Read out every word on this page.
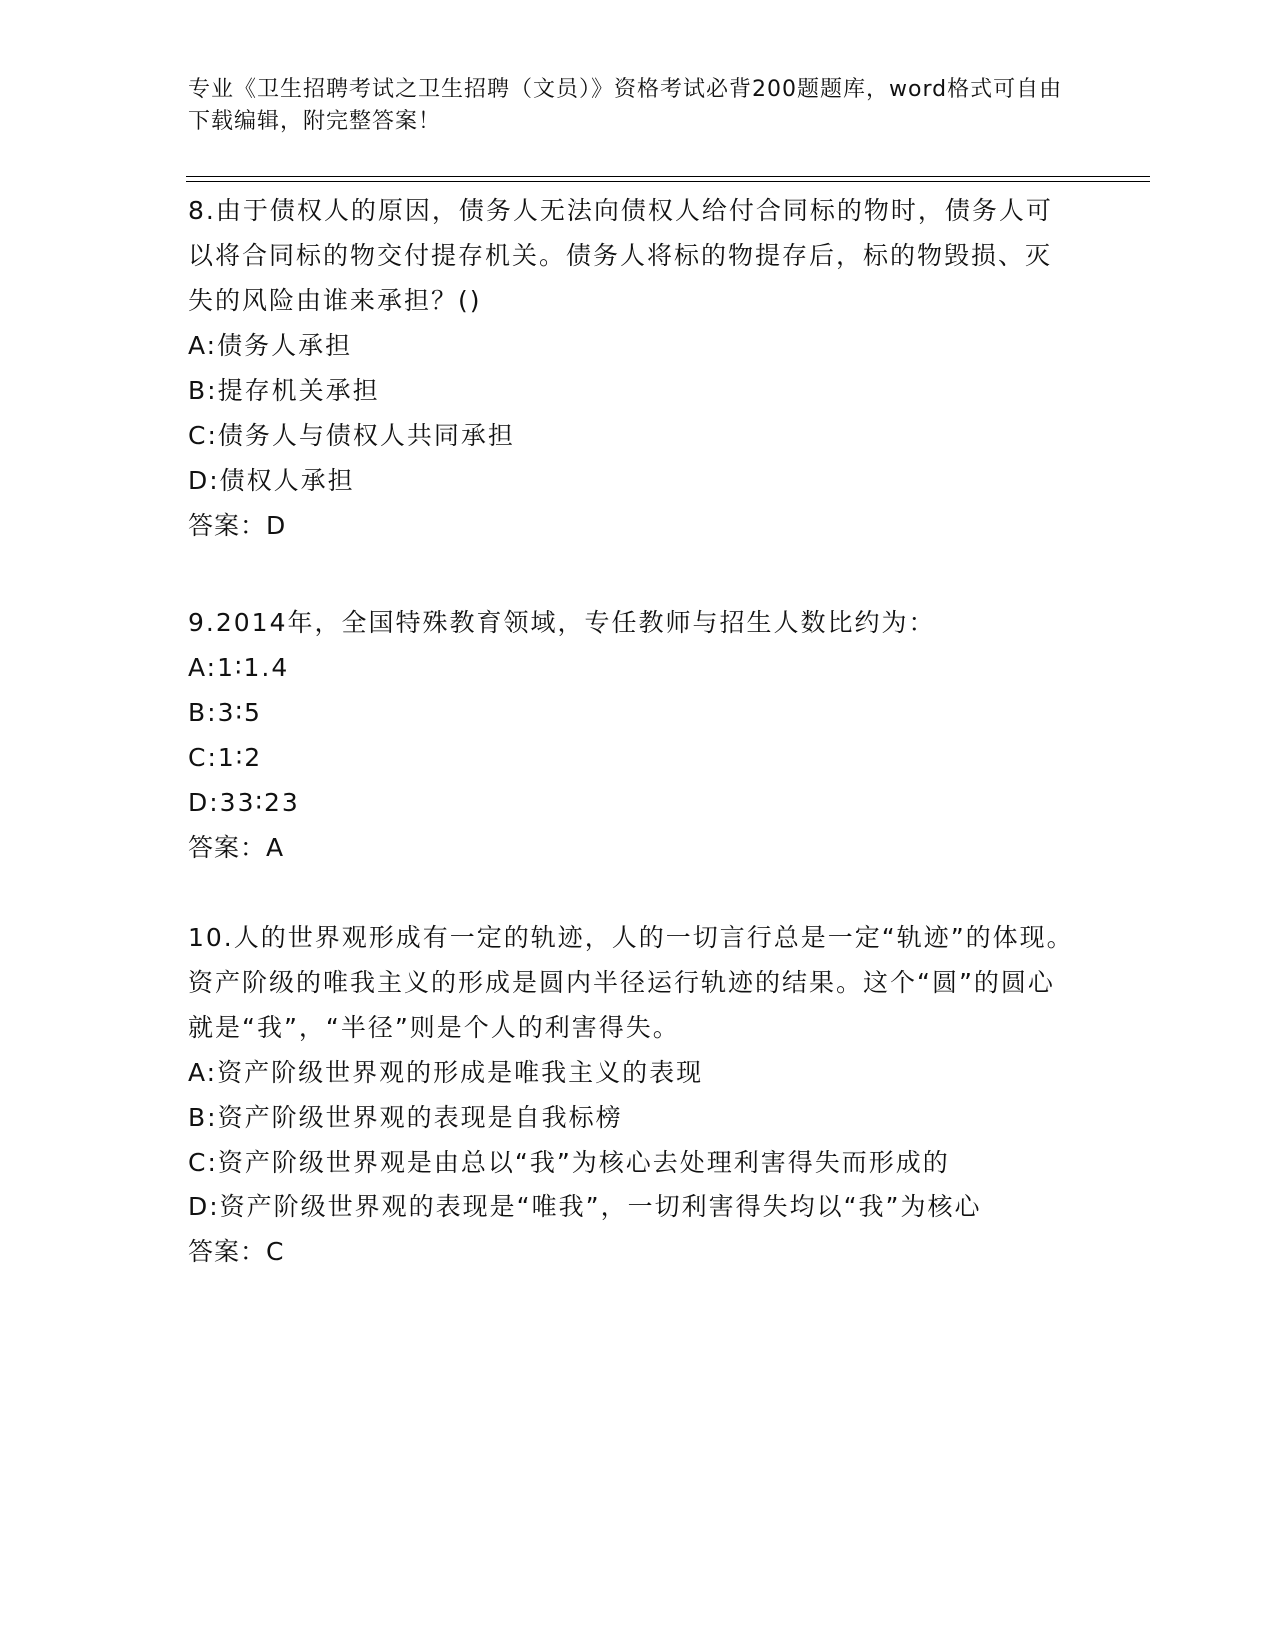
专业《卫生招聘考试之卫生招聘（文员）》资格考试必背200题题库，word格式可自由下载编辑，附完整答案！
8.由于债权人的原因，债务人无法向债权人给付合同标的物时，债务人可以将合同标的物交付提存机关。债务人将标的物提存后，标的物毁损、灭失的风险由谁来承担？()
A:债务人承担
B:提存机关承担
C:债务人与债权人共同承担
D:债权人承担
答案：D
9.2014年，全国特殊教育领域，专任教师与招生人数比约为：
A:1∶1.4
B:3∶5
C:1∶2
D:33∶23
答案：A
10.人的世界观形成有一定的轨迹，人的一切言行总是一定“轨迹”的体现。资产阶级的唯我主义的形成是圆内半径运行轨迹的结果。这个“圆”的圆心就是“我”，“半径”则是个人的利害得失。
A:资产阶级世界观的形成是唯我主义的表现
B:资产阶级世界观的表现是自我标榜
C:资产阶级世界观是由总以“我”为核心去处理利害得失而形成的
D:资产阶级世界观的表现是“唯我”，一切利害得失均以“我”为核心
答案：C
